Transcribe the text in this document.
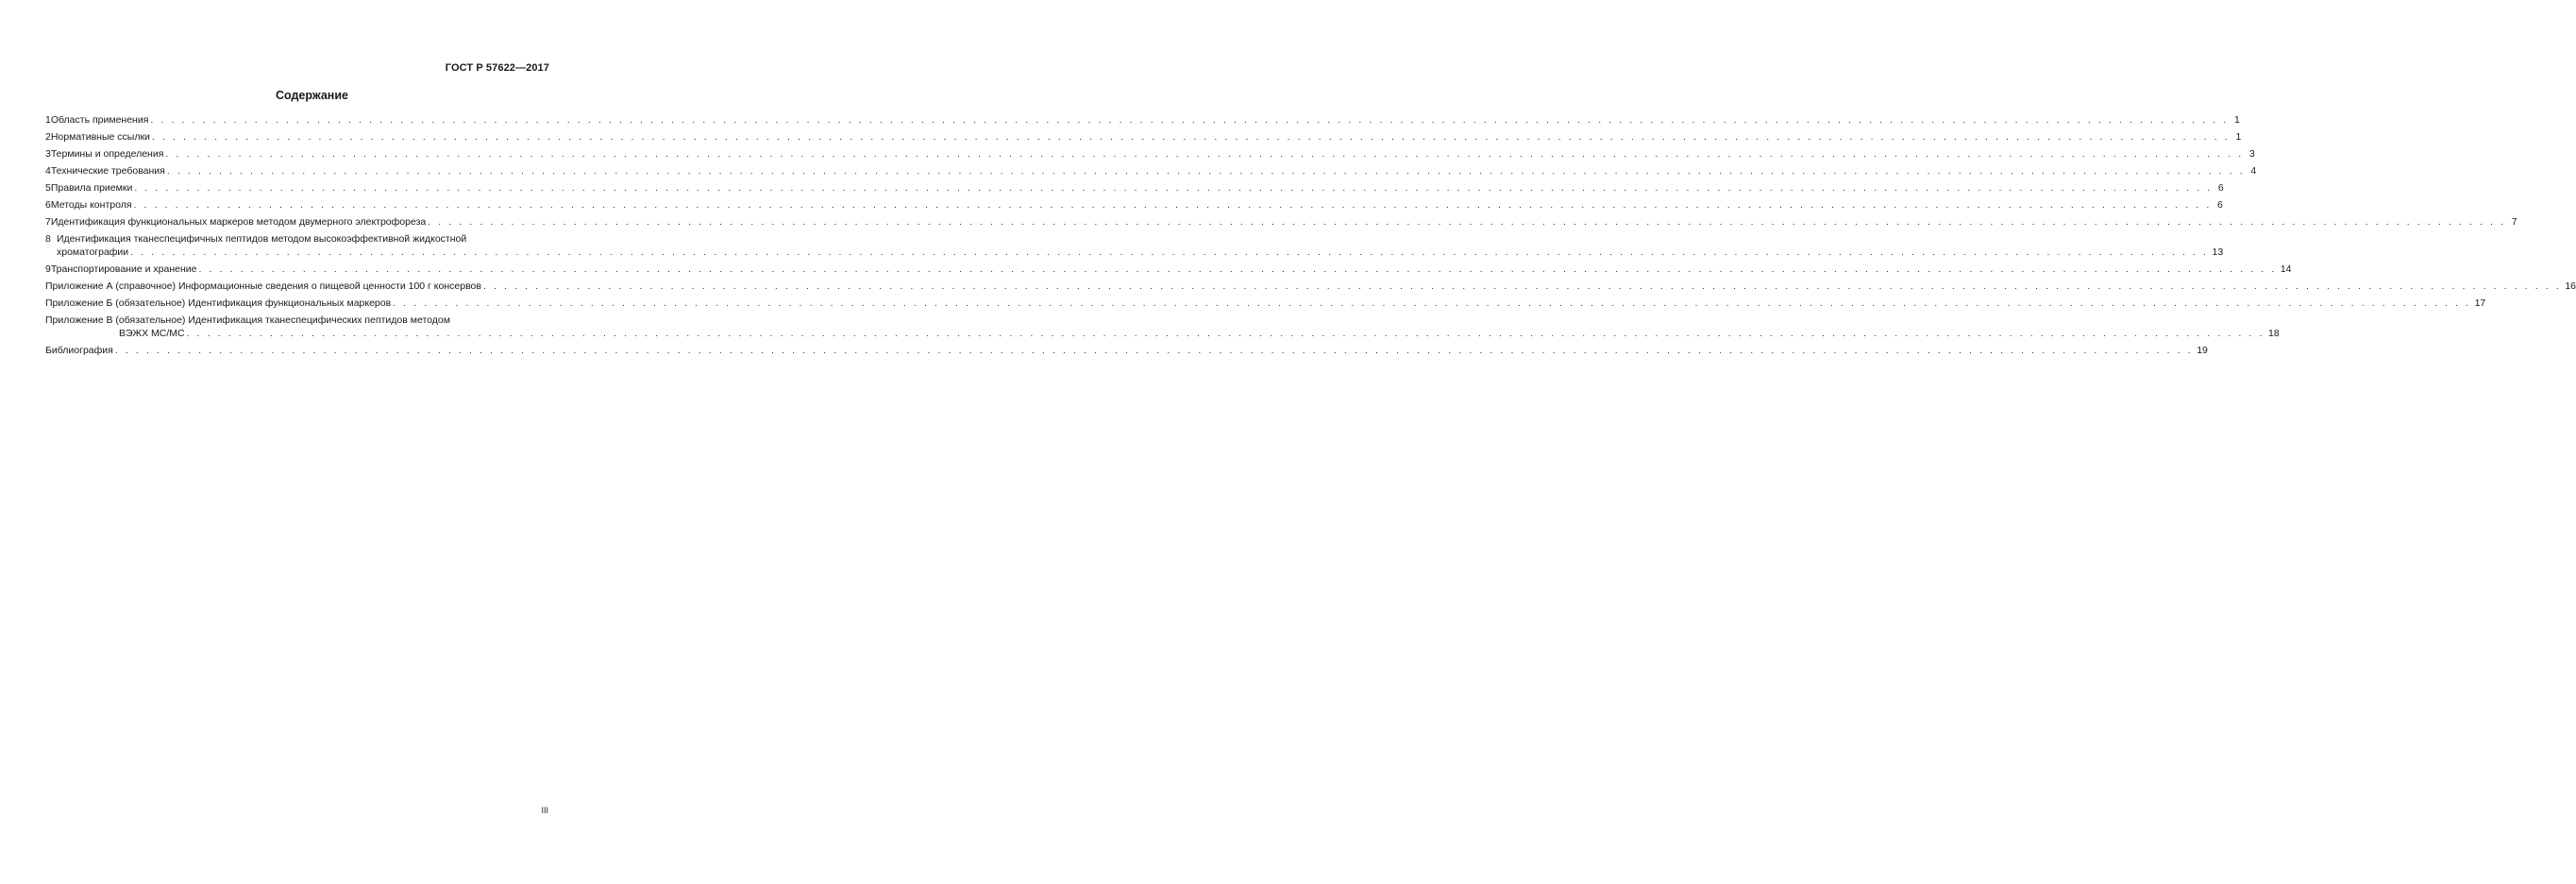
ГОСТ Р 57622—2017
Содержание
1 Область применения . . . . . . . . . . . . . . . . . . . . . . . . . . . . . . . . . . . . . . . . . . . . . . . . . . . . . . . . . . . . . . . . . . . . . . . . . . . . . . . . . . . . . . . . . . . . . . . . . . . . . . . . . . . . . . . . . . . . . . . . . . . . . . . . . . . . . . . . . . . . . . . . . . . . . . . . . . . . . . . . . . . . . . . . . . . . . . . . . . . . . . . . . . . . . . . . . . . . . . . . 1
2 Нормативные ссылки . . . . . . . . . . . . . . . . . . . . . . . . . . . . . . . . . . . . . . . . . . . . . . . . . . . . . . . . . . . . . . . . . . . . . . . . . . . . . . . . . . . . . . . . . . . . . . . . . . . . . . . . . . . . . . . . . . . . . . . . . . . . . . . . . . . . . . . . . . . . . . . . . . . . . . . . . . . . . . . . . . . . . . . . . . . . . . . . . . . . . . . . . . . . . . . . . . . . . . . . 1
3 Термины и определения . . . . . . . . . . . . . . . . . . . . . . . . . . . . . . . . . . . . . . . . . . . . . . . . . . . . . . . . . . . . . . . . . . . . . . . . . . . . . . . . . . . . . . . . . . . . . . . . . . . . . . . . . . . . . . . . . . . . . . . . . . . . . . . . . . . . . . . . . . . . . . . . . . . . . . . . . . . . . . . . . . . . . . . . . . . . . . . . . . . . . . . . . . . . . . . . . . . . . . . . 3
4 Технические требования . . . . . . . . . . . . . . . . . . . . . . . . . . . . . . . . . . . . . . . . . . . . . . . . . . . . . . . . . . . . . . . . . . . . . . . . . . . . . . . . . . . . . . . . . . . . . . . . . . . . . . . . . . . . . . . . . . . . . . . . . . . . . . . . . . . . . . . . . . . . . . . . . . . . . . . . . . . . . . . . . . . . . . . . . . . . . . . . . . . . . . . . . . . . . . . . . . . . . . . . 4
5 Правила приемки . . . . . . . . . . . . . . . . . . . . . . . . . . . . . . . . . . . . . . . . . . . . . . . . . . . . . . . . . . . . . . . . . . . . . . . . . . . . . . . . . . . . . . . . . . . . . . . . . . . . . . . . . . . . . . . . . . . . . . . . . . . . . . . . . . . . . . . . . . . . . . . . . . . . . . . . . . . . . . . . . . . . . . . . . . . . . . . . . . . . . . . . . . . . . . . . . . . . . . . . 6
6 Методы контроля . . . . . . . . . . . . . . . . . . . . . . . . . . . . . . . . . . . . . . . . . . . . . . . . . . . . . . . . . . . . . . . . . . . . . . . . . . . . . . . . . . . . . . . . . . . . . . . . . . . . . . . . . . . . . . . . . . . . . . . . . . . . . . . . . . . . . . . . . . . . . . . . . . . . . . . . . . . . . . . . . . . . . . . . . . . . . . . . . . . . . . . . . . . . . . . . . . . . . . . . 6
7 Идентификация функциональных маркеров методом двумерного электрофореза . . . . . . . . . . . . . . . . . . . . . . . . . . . . . . . . . . . . . . . . . . . . . . . . . . . . . . . . . . . . . . . . . . . . . . . . . . . . . . . . . . . . . . . . . . . . . . . . . . . . . . . . . . . . . . . . . . . . . . . . . . . . . . . . . . . . . . . . . . . . . . . . . . . . . . . . . . . . . . . . . . . . . . . . . . . . . . . . . . . . . . . . . . . . . . . . . . . . . . . . 7
8 Идентификация тканеспецифичных пептидов методом высокоэффективной жидкостной
хроматографии . . . . . . . . . . . . . . . . . . . . . . . . . . . . . . . . . . . . . . . . . . . . . . . . . . . . . . . . . . . . . . . . . . . . . . . . . . . . . . . . . . . . . . . . . . . . . . . . . . . . . . . . . . . . . . . . . . . . . . . . . . . . . . . . . . . . . . . . . . . . . . . . . . . . . . . . . . . . . . . . . . . . . . . . . . . . . . . . . . . . . . . . . . . . . . . . . . . . . . . . 13
9 Транспортирование и хранение . . . . . . . . . . . . . . . . . . . . . . . . . . . . . . . . . . . . . . . . . . . . . . . . . . . . . . . . . . . . . . . . . . . . . . . . . . . . . . . . . . . . . . . . . . . . . . . . . . . . . . . . . . . . . . . . . . . . . . . . . . . . . . . . . . . . . . . . . . . . . . . . . . . . . . . . . . . . . . . . . . . . . . . . . . . . . . . . . . . . . . . . . . . . . . . . . . . . . . . . 14
Приложение А (справочное) Информационные сведения о пищевой ценности 100 г консервов . . . . . . . . . . . . . . . . . . . . . . . . . . . . . . . . . . . . . . . . . . . . . . . . . . . . . . . . . . . . . . . . . . . . . . . . . . . . . . . . . . . . . . . . . . . . . . . . . . . . . . . . . . . . . . . . . . . . . . . . . . . . . . . . . . . . . . . . . . . . . . . . . . . . . . . . . . . . . . . . . . . . . . . . . . . . . . . . . . . . . . . . . . . . . . . . . . . . . . . . 16
Приложение Б (обязательное) Идентификация функциональных маркеров . . . . . . . . . . . . . . . . . . . . . . . . . . . . . . . . . . . . . . . . . . . . . . . . . . . . . . . . . . . . . . . . . . . . . . . . . . . . . . . . . . . . . . . . . . . . . . . . . . . . . . . . . . . . . . . . . . . . . . . . . . . . . . . . . . . . . . . . . . . . . . . . . . . . . . . . . . . . . . . . . . . . . . . . . . . . . . . . . . . . . . . . . . . . . . . . . . . . . . . . 17
Приложение В (обязательное) Идентификация тканеспецифических пептидов методом
ВЭЖХ МС/МС . . . . . . . . . . . . . . . . . . . . . . . . . . . . . . . . . . . . . . . . . . . . . . . . . . . . . . . . . . . . . . . . . . . . . . . . . . . . . . . . . . . . . . . . . . . . . . . . . . . . . . . . . . . . . . . . . . . . . . . . . . . . . . . . . . . . . . . . . . . . . . . . . . . . . . . . . . . . . . . . . . . . . . . . . . . . . . . . . . . . . . . . . . . . . . . . . . . . . . . . 18
Библиография . . . . . . . . . . . . . . . . . . . . . . . . . . . . . . . . . . . . . . . . . . . . . . . . . . . . . . . . . . . . . . . . . . . . . . . . . . . . . . . . . . . . . . . . . . . . . . . . . . . . . . . . . . . . . . . . . . . . . . . . . . . . . . . . . . . . . . . . . . . . . . . . . . . . . . . . . . . . . . . . . . . . . . . . . . . . . . . . . . . . . . . . . . . . . . . . . . . . . . . . 19
III
